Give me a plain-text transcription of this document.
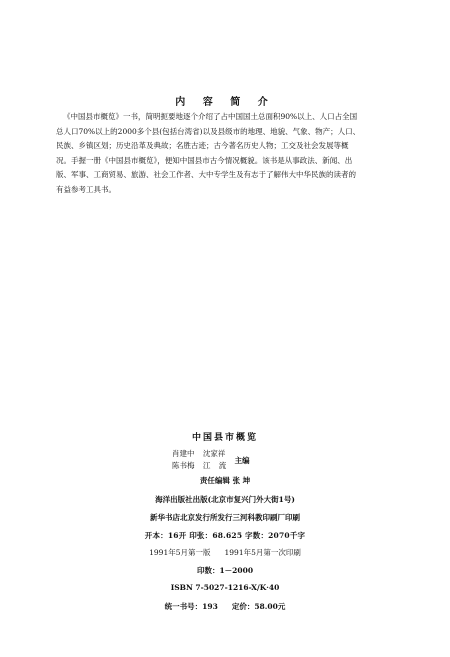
内 容 简 介
《中国县市概览》一书，简明扼要地逐个介绍了占中国国土总面积90%以上、人口占全国
总人口70%以上的2000多个县(包括台湾省)以及县级市的地理、地貌、气象、物产；人口、
民族、乡镇区划；历史沿革及典故；名胜古迹；古今著名历史人物；工交及社会发展等概
况。手握一册《中国县市概览》，便知中国县市古今情况概貌。该书是从事政法、新闻、出
版、军事、工商贸易、旅游、社会工作者、大中专学生及有志于了解伟大中华民族的读者的
有益参考工具书。
中国县市概览
肖建中 沈家祥
陈书梅 江 流
主编
责任编辑 张 坤
海洋出版社出版(北京市复兴门外大街1号)
新华书店北京发行所发行三河科教印刷厂印刷
开本：16开 印张：68.625 字数：2070千字
1991年5月第一版 1991年5月第一次印刷
印数：1－2000
ISBN 7-5027-1216-X/K·40
统一书号：193 定价：58.00元
